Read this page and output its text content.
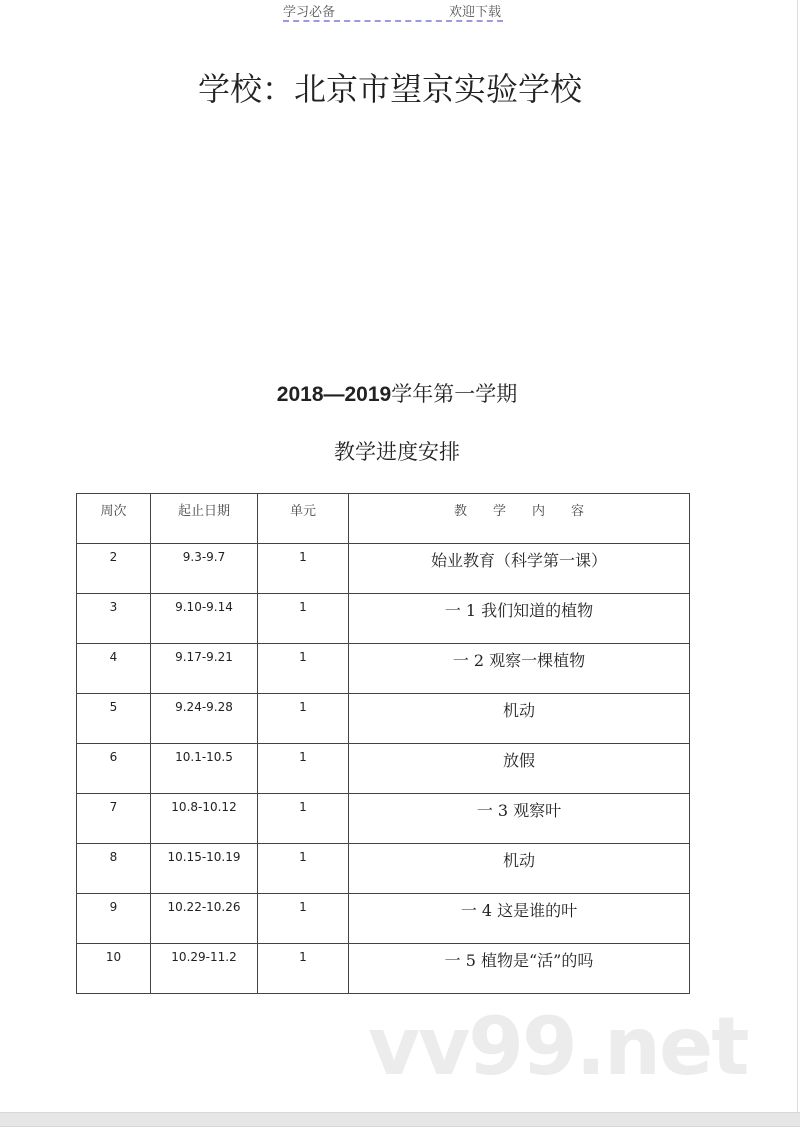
学习必备	欢迎下载
学校：北京市望京实验学校
2018—2019学年第一学期
教学进度安排
周次	起止日期	单元	教　　学　　内　　容
2	9.3-9.7	1	始业教育（科学第一课）
3	9.10-9.14	1	一 1 我们知道的植物
4	9.17-9.21	1	一 2 观察一棵植物
5	9.24-9.28	1	机动
6	10.1-10.5	1	放假
7	10.8-10.12	1	一 3 观察叶
8	10.15-10.19	1	机动
9	10.22-10.26	1	一 4 这是谁的叶
10	10.29-11.2	1	一 5 植物是“活”的吗
vv99.net
